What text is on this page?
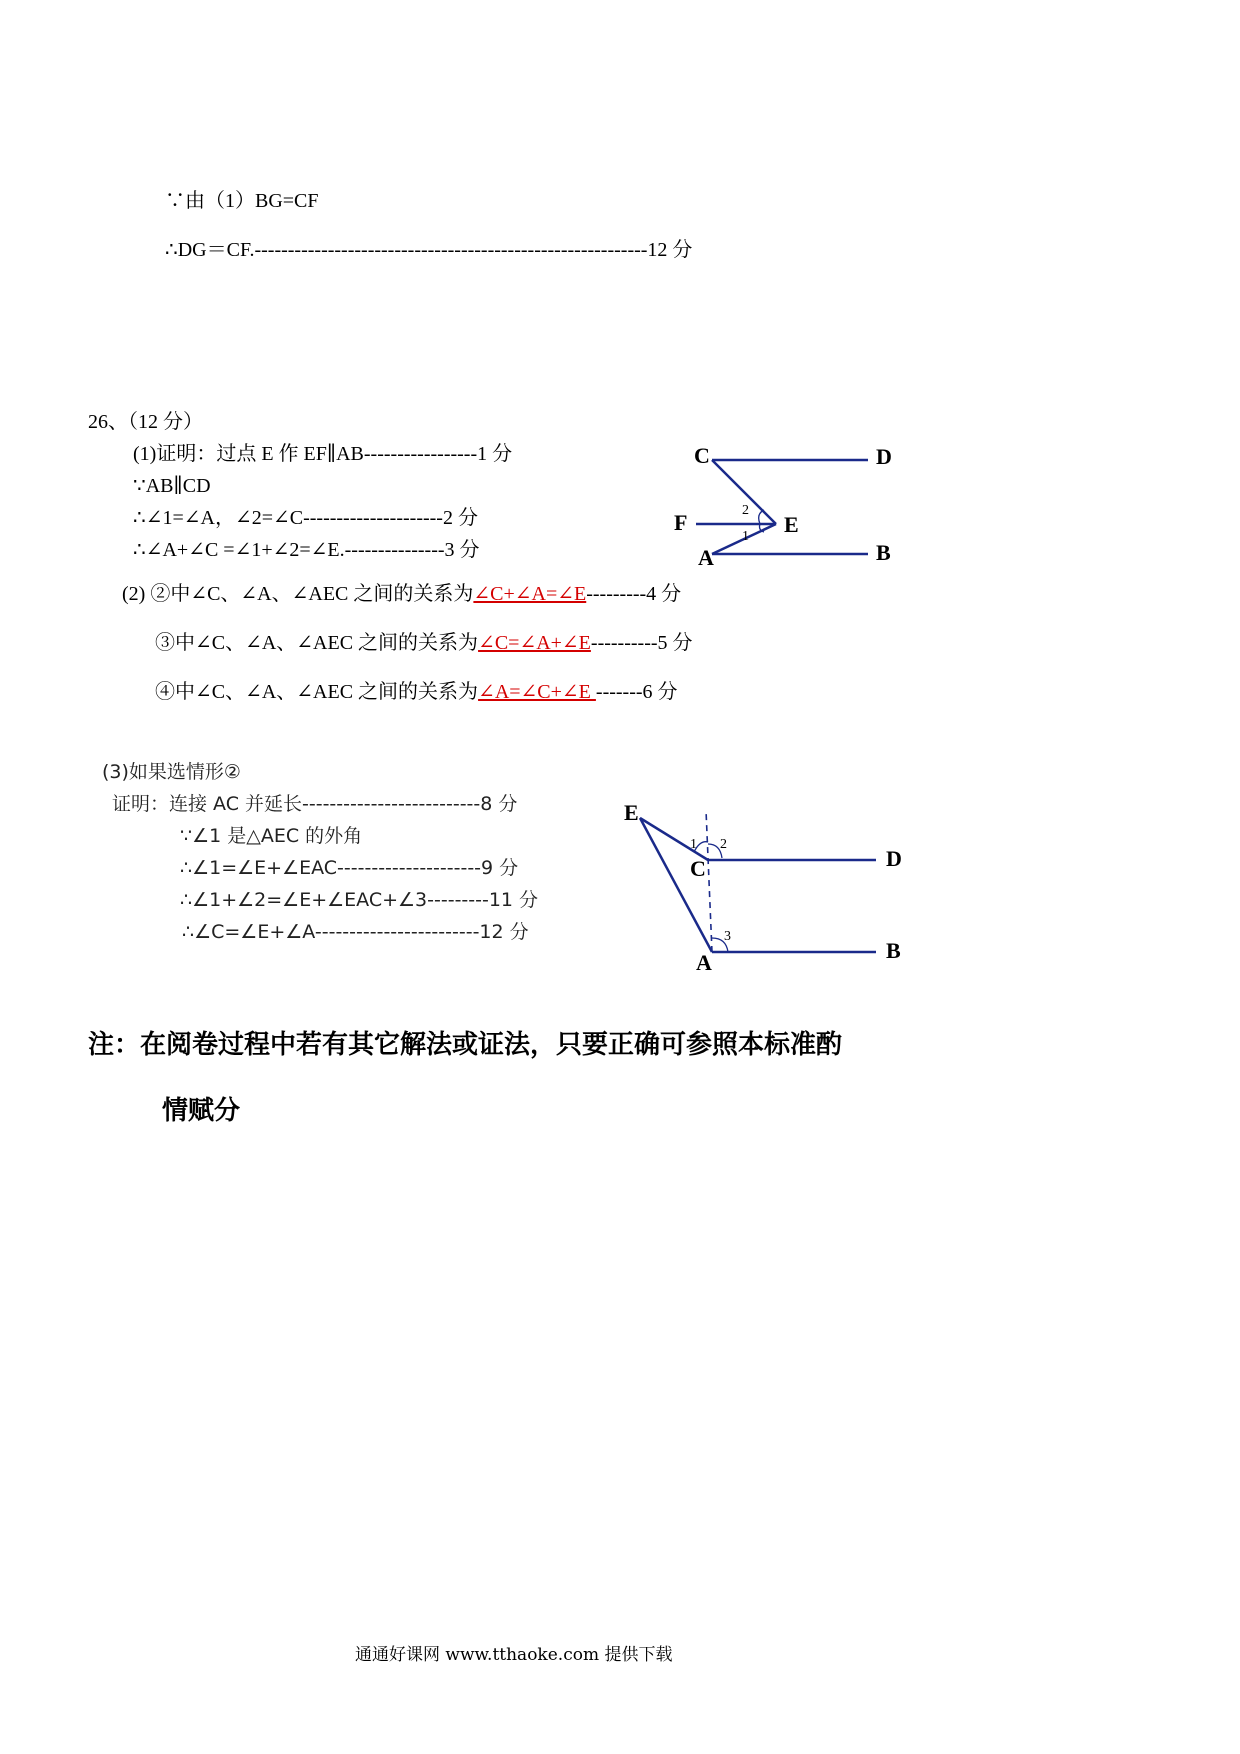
∵由（1）BG=CF
∴DG＝CF.-----------------------------------------------------------12 分
26、（12 分）
(1)证明：过点 E 作 EF∥AB-----------------1 分
∵AB∥CD
∴∠1=∠A，∠2=∠C---------------------2 分
∴∠A+∠C =∠1+∠2=∠E.---------------3 分
(2) ②中∠C、∠A、∠AEC 之间的关系为∠C+∠A=∠E---------4 分
③中∠C、∠A、∠AEC 之间的关系为∠C=∠A+∠E----------5 分
④中∠C、∠A、∠AEC 之间的关系为∠A=∠C+∠E -------6 分
C	D
F	E
A	B
2
1
(3)如果选情形②
证明：连接 AC 并延长--------------------------8 分
∵∠1 是△AEC 的外角
∴∠1=∠E+∠EAC---------------------9 分
∴∠1+∠2=∠E+∠EAC+∠3---------11 分
∴∠C=∠E+∠A------------------------12 分
E
C	D
A	B
1 2
3
注：在阅卷过程中若有其它解法或证法，只要正确可参照本标准酌
情赋分
通通好课网 www.tthaoke.com 提供下载
